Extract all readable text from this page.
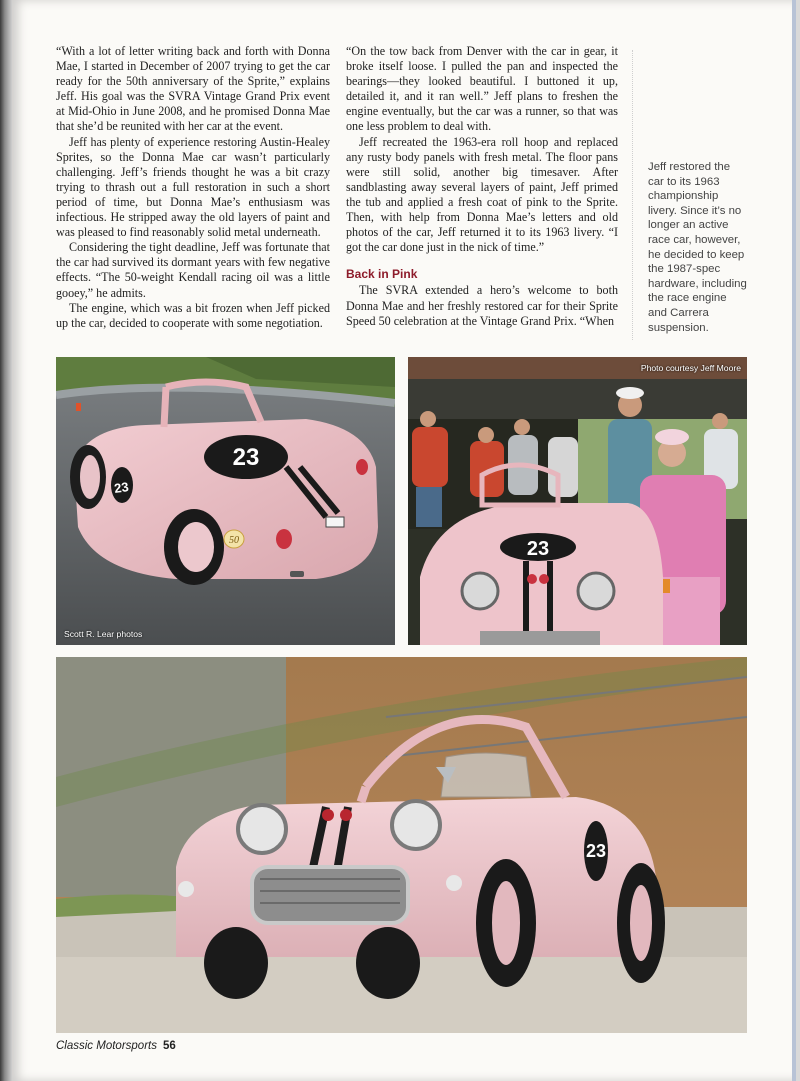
“With a lot of letter writing back and forth with Donna Mae, I started in December of 2007 trying to get the car ready for the 50th anniversary of the Sprite,” explains Jeff. His goal was the SVRA Vintage Grand Prix event at Mid-Ohio in June 2008, and he promised Donna Mae that she’d be reunited with her car at the event.

Jeff has plenty of experience restoring Austin-Healey Sprites, so the Donna Mae car wasn’t particularly challenging. Jeff’s friends thought he was a bit crazy trying to thrash out a full restoration in such a short period of time, but Donna Mae’s enthusiasm was infectious. He stripped away the old layers of paint and was pleased to find reasonably solid metal underneath.

Considering the tight deadline, Jeff was fortunate that the car had survived its dormant years with few negative effects. “The 50-weight Kendall racing oil was a little gooey,” he admits.

The engine, which was a bit frozen when Jeff picked up the car, decided to cooperate with some negotiation.

“On the tow back from Denver with the car in gear, it broke itself loose. I pulled the pan and inspected the bearings—they looked beautiful. I buttoned it up, detailed it, and it ran well.” Jeff plans to freshen the engine eventually, but the car was a runner, so that was one less problem to deal with.

Jeff recreated the 1963-era roll hoop and replaced any rusty body panels with fresh metal. The floor pans were still solid, another big timesaver. After sandblasting away several layers of paint, Jeff primed the tub and applied a fresh coat of pink to the Sprite. Then, with help from Donna Mae’s letters and old photos of the car, Jeff returned it to its 1963 livery. “I got the car done just in the nick of time.”

Back in Pink

The SVRA extended a hero’s welcome to both Donna Mae and her freshly restored car for their Sprite Speed 50 celebration at the Vintage Grand Prix. “When

Jeff restored the car to its 1963 championship livery. Since it’s no longer an active race car, however, he decided to keep the 1987-spec hardware, including the race engine and Carrera suspension.
23
23
50
Scott R. Lear photos
23
Photo courtesy Jeff Moore
23
Classic Motorsports 56
